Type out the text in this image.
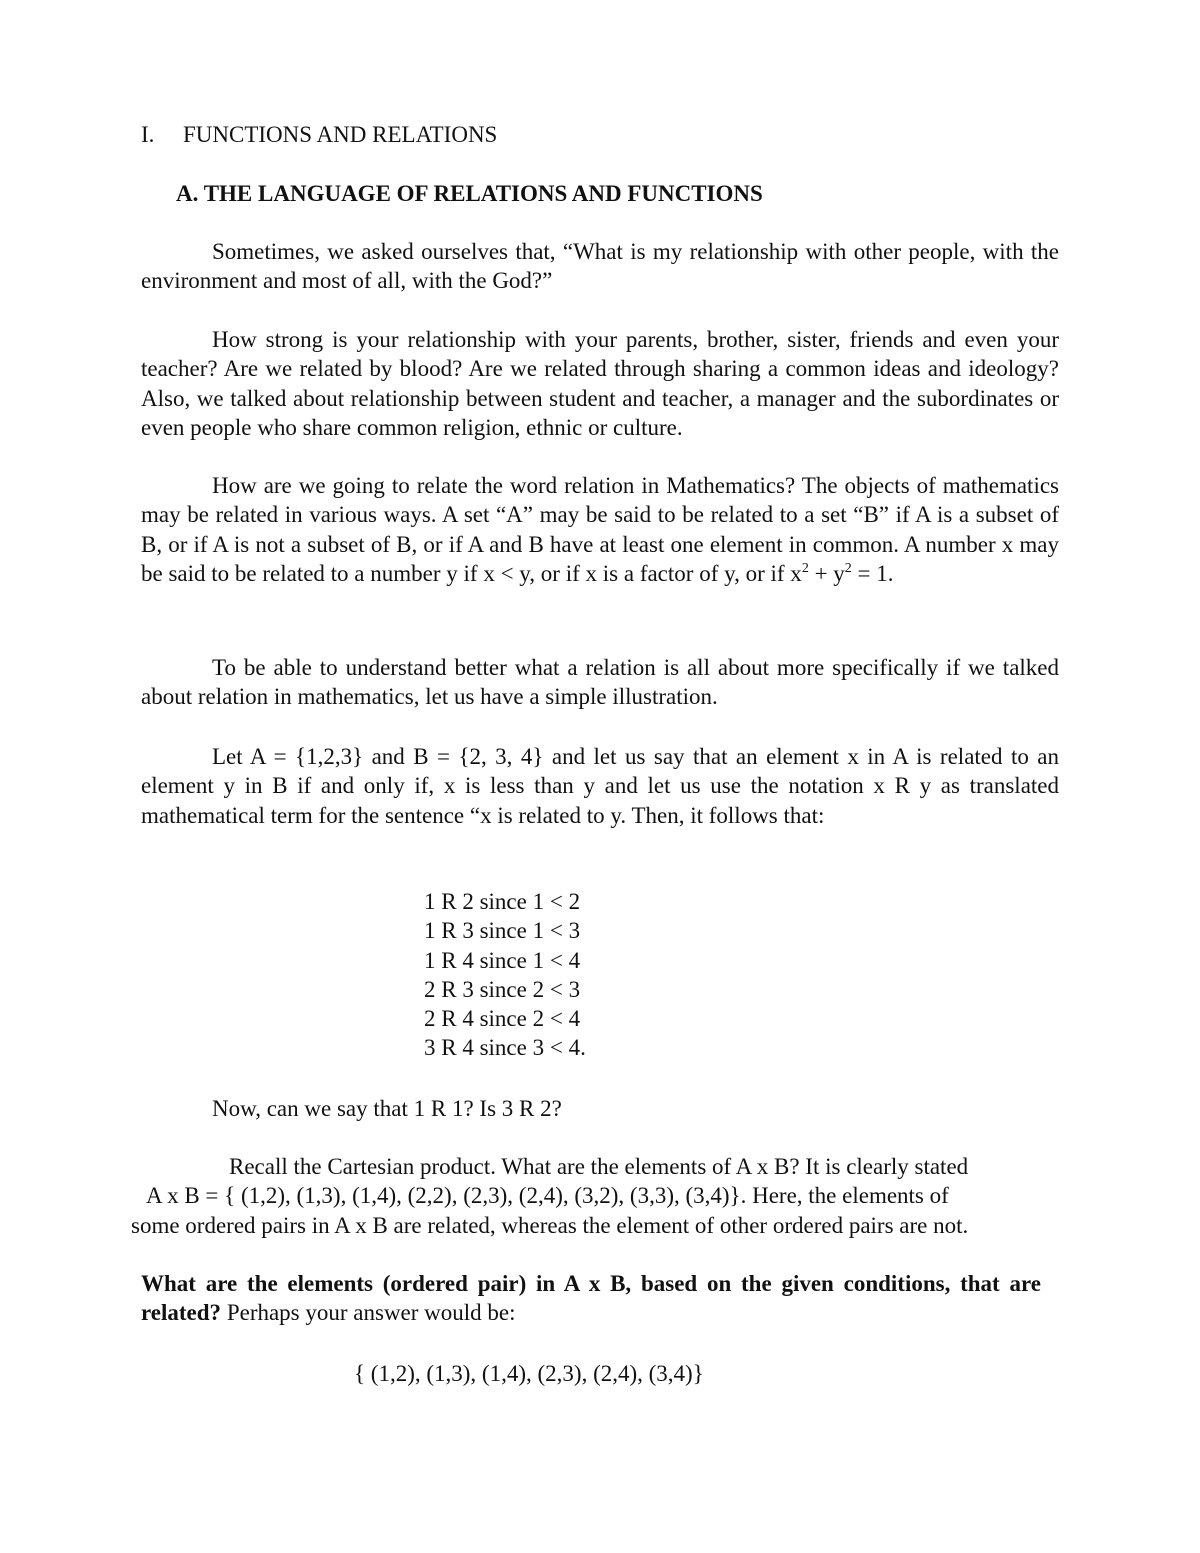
I. FUNCTIONS AND RELATIONS
A. THE LANGUAGE OF RELATIONS AND FUNCTIONS
Sometimes, we asked ourselves that, “What is my relationship with other people, with the environment and most of all, with the God?”
How strong is your relationship with your parents, brother, sister, friends and even your teacher? Are we related by blood? Are we related through sharing a common ideas and ideology? Also, we talked about relationship between student and teacher, a manager and the subordinates or even people who share common religion, ethnic or culture.
How are we going to relate the word relation in Mathematics? The objects of mathematics may be related in various ways. A set “A” may be said to be related to a set “B” if A is a subset of B, or if A is not a subset of B, or if A and B have at least one element in common. A number x may be said to be related to a number y if x < y, or if x is a factor of y, or if $x^2 + y^2 = 1$.
To be able to understand better what a relation is all about more specifically if we talked about relation in mathematics, let us have a simple illustration.
Let A = {1,2,3} and B = {2, 3, 4} and let us say that an element x in A is related to an element y in B if and only if, x is less than y and let us use the notation x R y as translated mathematical term for the sentence “x is related to y. Then, it follows that:
1 R 2 since 1 < 2
1 R 3 since 1 < 3
1 R 4 since 1 < 4
2 R 3 since 2 < 3
2 R 4 since 2 < 4
3 R 4 since 3 < 4.
Now, can we say that 1 R 1? Is 3 R 2?
Recall the Cartesian product. What are the elements of A x B? It is clearly stated
A x B = { (1,2), (1,3), (1,4), (2,2), (2,3), (2,4), (3,2), (3,3), (3,4)}. Here, the elements of
some ordered pairs in A x B are related, whereas the element of other ordered pairs are not.
What are the elements (ordered pair) in A x B, based on the given conditions, that are related? Perhaps your answer would be:
{ (1,2), (1,3), (1,4), (2,3), (2,4), (3,4)}
